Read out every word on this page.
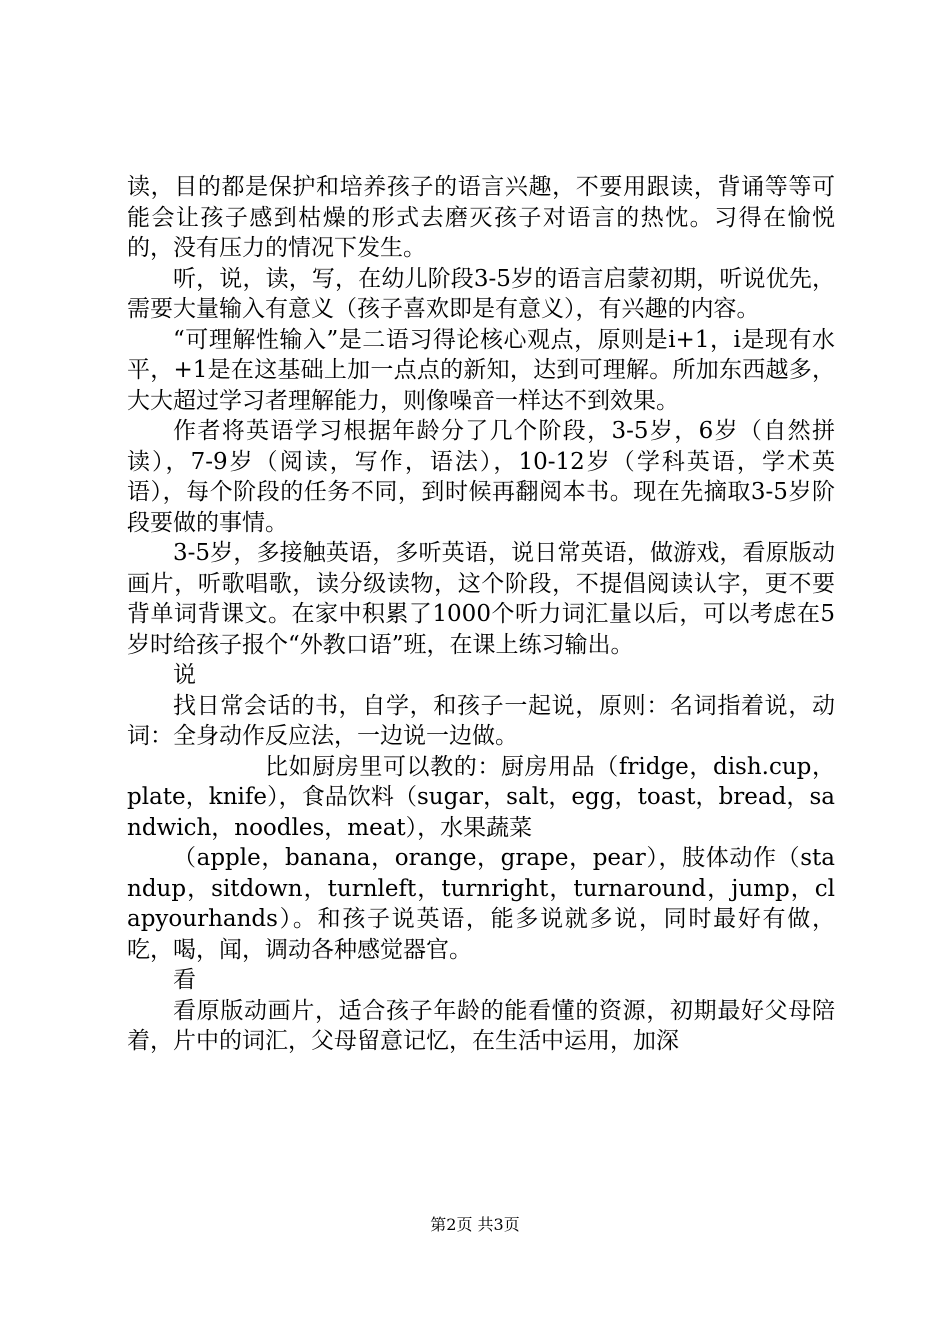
读，目的都是保护和培养孩子的语言兴趣，不要用跟读，背诵等等可能会让孩子感到枯燥的形式去磨灭孩子对语言的热忱。习得在愉悦的，没有压力的情况下发生。

听，说，读，写，在幼儿阶段3-5岁的语言启蒙初期，听说优先，需要大量输入有意义（孩子喜欢即是有意义），有兴趣的内容。

“可理解性输入”是二语习得论核心观点，原则是i+1，i是现有水平，+1是在这基础上加一点点的新知，达到可理解。所加东西越多，大大超过学习者理解能力，则像噪音一样达不到效果。

作者将英语学习根据年龄分了几个阶段，3-5岁，6岁（自然拼读），7-9岁（阅读，写作，语法），10-12岁（学科英语，学术英语），每个阶段的任务不同，到时候再翻阅本书。现在先摘取3-5岁阶段要做的事情。

3-5岁，多接触英语，多听英语，说日常英语，做游戏，看原版动画片，听歌唱歌，读分级读物，这个阶段，不提倡阅读认字，更不要背单词背课文。在家中积累了1000个听力词汇量以后，可以考虑在5岁时给孩子报个“外教口语”班，在课上练习输出。

说

找日常会话的书，自学，和孩子一起说，原则：名词指着说，动词：全身动作反应法，一边说一边做。

比如厨房里可以教的：厨房用品（fridge，dish.cup，plate，knife），食品饮料（sugar，salt，egg，toast，bread，sandwich，noodles，meat），水果蔬菜

（apple，banana，orange，grape，pear），肢体动作（standup，sitdown，turnleft，turnright，turnaround，jump，clapyourhands）。和孩子说英语，能多说就多说，同时最好有做，吃，喝，闻，调动各种感觉器官。

看

看原版动画片，适合孩子年龄的能看懂的资源，初期最好父母陪着，片中的词汇，父母留意记忆，在生活中运用，加深

第2页 共3页
